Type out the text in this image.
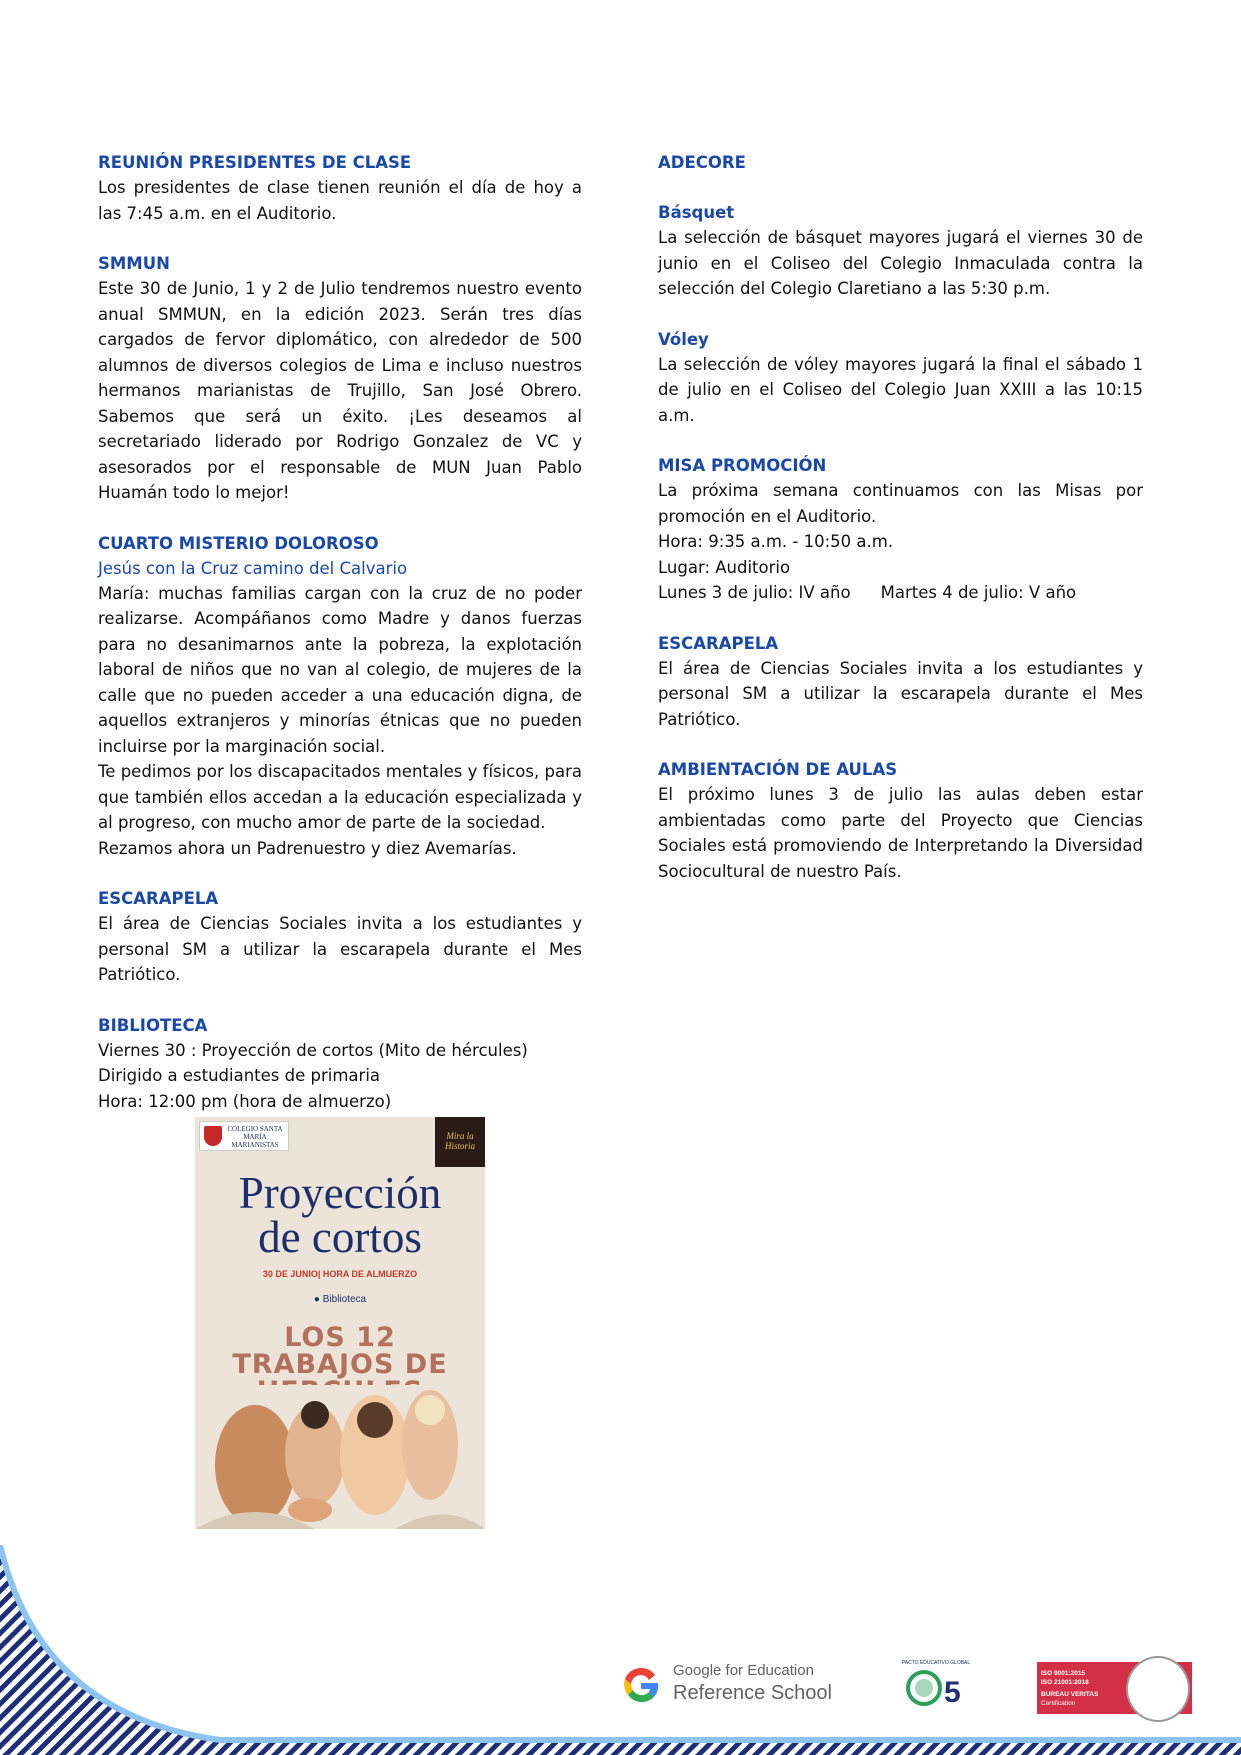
REUNIÓN PRESIDENTES DE CLASE

Los presidentes de clase tienen reunión el día de hoy a las 7:45 a.m. en el Auditorio.

SMMUN

Este 30 de Junio, 1 y 2 de Julio tendremos nuestro evento anual SMMUN, en la edición 2023. Serán tres días cargados de fervor diplomático, con alrededor de 500 alumnos de diversos colegios de Lima e incluso nuestros hermanos marianistas de Trujillo, San José Obrero. Sabemos que será un éxito. ¡Les deseamos al secretariado liderado por Rodrigo Gonzalez de VC y asesorados por el responsable de MUN Juan Pablo Huamán todo lo mejor!

CUARTO MISTERIO DOLOROSO
Jesús con la Cruz camino del Calvario

María: muchas familias cargan con la cruz de no poder realizarse. Acompáñanos como Madre y danos fuerzas para no desanimarnos ante la pobreza, la explotación laboral de niños que no van al colegio, de mujeres de la calle que no pueden acceder a una educación digna, de aquellos extranjeros y minorías étnicas que no pueden incluirse por la marginación social.

Te pedimos por los discapacitados mentales y físicos, para que también ellos accedan a la educación especializada y al progreso, con mucho amor de parte de la sociedad.

Rezamos ahora un Padrenuestro y diez Avemarías.

ESCARAPELA

El área de Ciencias Sociales invita a los estudiantes y personal SM a utilizar la escarapela durante el Mes Patriótico.

BIBLIOTECA

Viernes 30 : Proyección de cortos (Mito de hércules)

Dirigido a estudiantes de primaria

Hora: 12:00 pm (hora de almuerzo)

ADECORE
Básquet

La selección de básquet mayores jugará el viernes 30 de junio en el Coliseo del Colegio Inmaculada contra la selección del Colegio Claretiano a las 5:30 p.m.

Vóley

La selección de vóley mayores jugará la final el sábado 1 de julio en el Coliseo del Colegio Juan XXIII a las 10:15 a.m.

MISA PROMOCIÓN

La próxima semana continuamos con las Misas por promoción en el Auditorio.

Hora: 9:35 a.m. - 10:50 a.m.

Lugar: Auditorio

Lunes 3 de julio: IV año Martes 4 de julio: V año

ESCARAPELA

El área de Ciencias Sociales invita a los estudiantes y personal SM a utilizar la escarapela durante el Mes Patriótico.

AMBIENTACIÓN DE AULAS

El próximo lunes 3 de julio las aulas deben estar ambientadas como parte del Proyecto que Ciencias Sociales está promoviendo de Interpretando la Diversidad Sociocultural de nuestro País.

COLEGIO SANTA MARÍA MARIANISTAS
Mira la Historia
Proyección
de cortos
30 DE JUNIO| HORA DE ALMUERZO
● Biblioteca
LOS 12
TRABAJOS DE
Google for Education
Reference School
PACTO EDUCATIVO GLOBAL
5
ISO 9001:2015
ISO 21001:2018
BUREAU VERITAS
Certification
